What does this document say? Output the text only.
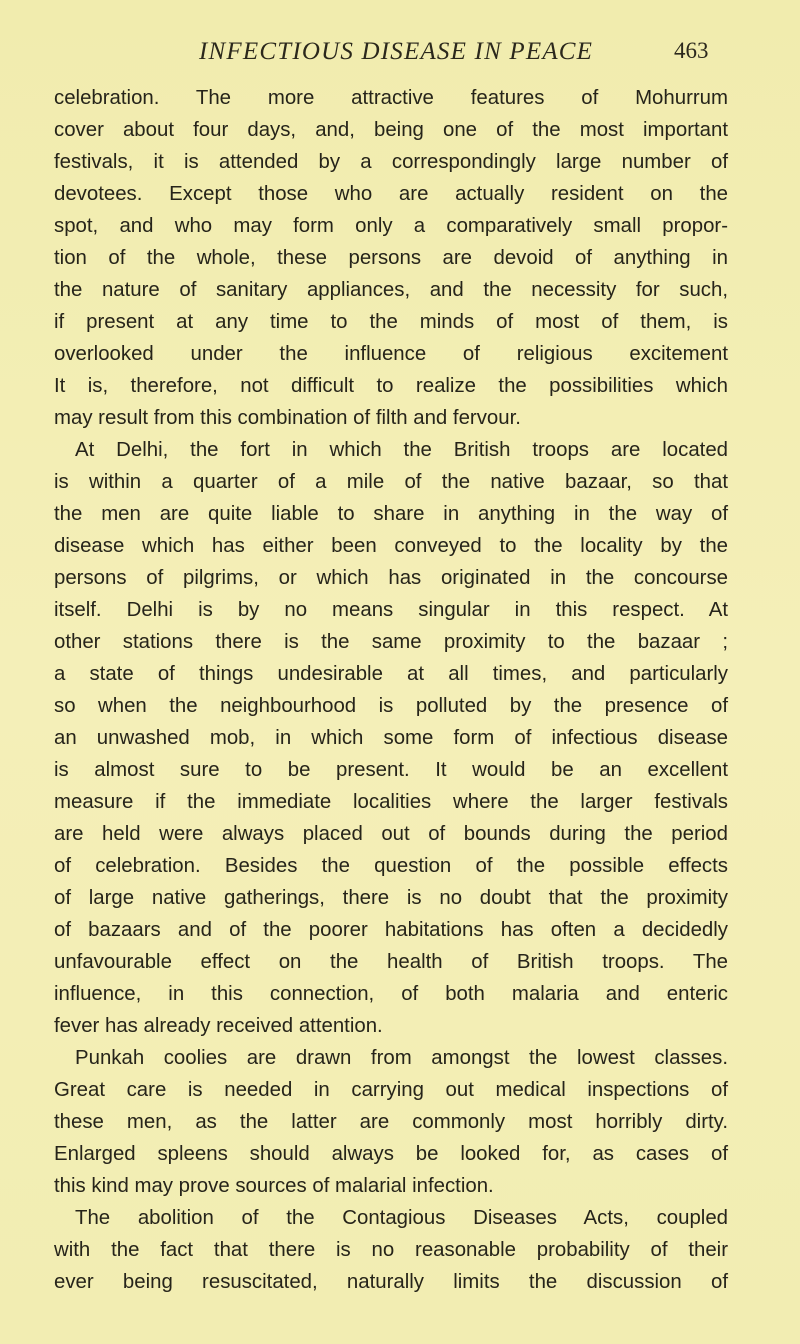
INFECTIOUS DISEASE IN PEACE	463
celebration. The more attractive features of Mohurrum
cover about four days, and, being one of the most important
festivals, it is attended by a correspondingly large number of
devotees. Except those who are actually resident on the
spot, and who may form only a comparatively small propor-
tion of the whole, these persons are devoid of anything in
the nature of sanitary appliances, and the necessity for such,
if present at any time to the minds of most of them, is
overlooked under the influence of religious excitement
It is, therefore, not difficult to realize the possibilities which
may result from this combination of filth and fervour.
At Delhi, the fort in which the British troops are located
is within a quarter of a mile of the native bazaar, so that
the men are quite liable to share in anything in the way of
disease which has either been conveyed to the locality by the
persons of pilgrims, or which has originated in the concourse
itself. Delhi is by no means singular in this respect. At
other stations there is the same proximity to the bazaar ;
a state of things undesirable at all times, and particularly
so when the neighbourhood is polluted by the presence of
an unwashed mob, in which some form of infectious disease
is almost sure to be present. It would be an excellent
measure if the immediate localities where the larger festivals
are held were always placed out of bounds during the period
of celebration. Besides the question of the possible effects
of large native gatherings, there is no doubt that the proximity
of bazaars and of the poorer habitations has often a decidedly
unfavourable effect on the health of British troops. The
influence, in this connection, of both malaria and enteric
fever has already received attention.
Punkah coolies are drawn from amongst the lowest classes.
Great care is needed in carrying out medical inspections of
these men, as the latter are commonly most horribly dirty.
Enlarged spleens should always be looked for, as cases of
this kind may prove sources of malarial infection.
The abolition of the Contagious Diseases Acts, coupled
with the fact that there is no reasonable probability of their
ever being resuscitated, naturally limits the discussion of
